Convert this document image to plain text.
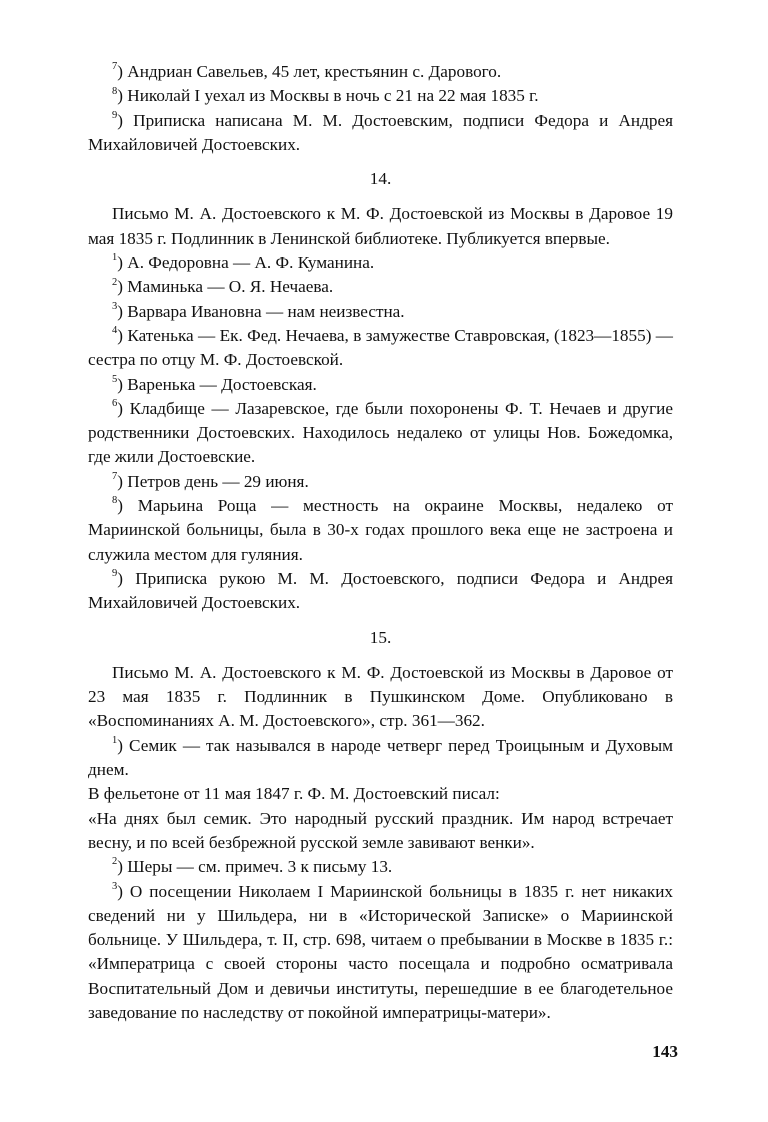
$^7$) Андриан Савельев, 45 лет, крестьянин с. Дарового.

$^8$) Николай I уехал из Москвы в ночь с 21 на 22 мая 1835 г.

$^9$) Приписка написана М. М. Достоевским, подписи Федора и Андрея Михайловичей Достоевских.

14.

Письмо М. А. Достоевского к М. Ф. Достоевской из Москвы в Даровое 19 мая 1835 г. Подлинник в Ленинской библиотеке. Публикуется впервые.

$^1$) А. Федоровна — А. Ф. Куманина.

$^2$) Маминька — О. Я. Нечаева.

$^3$) Варвара Ивановна — нам неизвестна.

$^4$) Катенька — Ек. Фед. Нечаева, в замужестве Ставровская, (1823—1855) — сестра по отцу М. Ф. Достоевской.

$^5$) Варенька — Достоевская.

$^6$) Кладбище — Лазаревское, где были похоронены Ф. Т. Нечаев и другие родственники Достоевских. Находилось недалеко от улицы Нов. Божедомка, где жили Достоевские.

$^7$) Петров день — 29 июня.

$^8$) Марьина Роща — местность на окраине Москвы, недалеко от Мариинской больницы, была в 30-х годах прошлого века еще не застроена и служила местом для гуляния.

$^9$) Приписка рукою М. М. Достоевского, подписи Федора и Андрея Михайловичей Достоевских.

15.

Письмо М. А. Достоевского к М. Ф. Достоевской из Москвы в Даровое от 23 мая 1835 г. Подлинник в Пушкинском Доме. Опубликовано в «Воспоминаниях А. М. Достоевского», стр. 361—362.

$^1$) Семик — так назывался в народе четверг перед Троицыным и Духовым днем.

В фельетоне от 11 мая 1847 г. Ф. М. Достоевский писал:

«На днях был семик. Это народный русский праздник. Им народ встречает весну, и по всей безбрежной русской земле завивают венки».

$^2$) Шеры — см. примеч. 3 к письму 13.

$^3$) О посещении Николаем I Мариинской больницы в 1835 г. нет никаких сведений ни у Шильдера, ни в «Исторической Записке» о Мариинской больнице. У Шильдера, т. II, стр. 698, читаем о пребывании в Москве в 1835 г.: «Императрица с своей стороны часто посещала и подробно осматривала Воспитательный Дом и девичьи институты, перешедшие в ее благодетельное заведование по наследству от покойной императрицы-матери».

143
